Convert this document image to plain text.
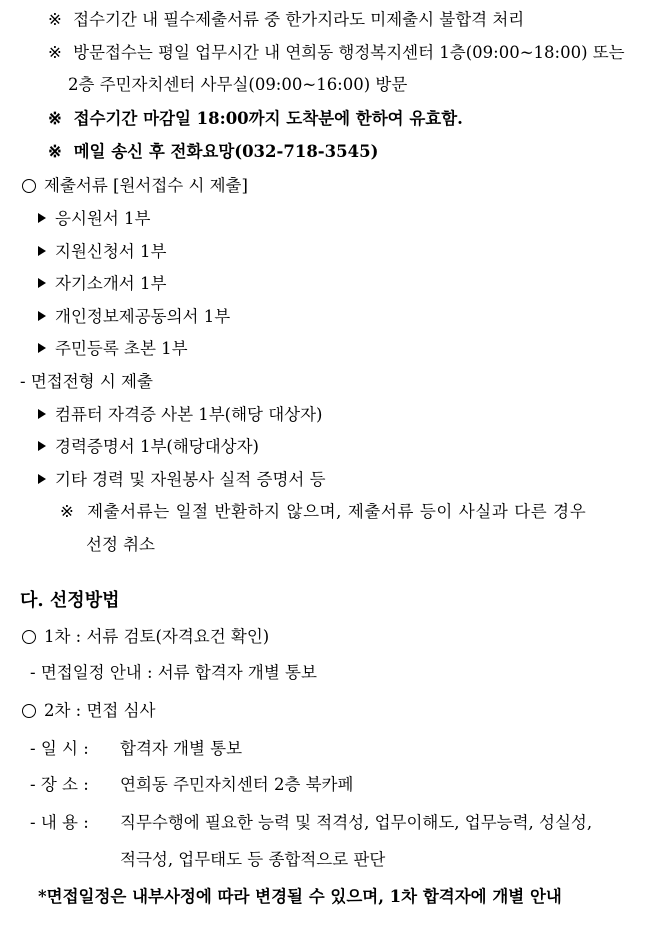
※ 접수기간 내 필수제출서류 중 한가지라도 미제출시 불합격 처리
※ 방문접수는 평일 업무시간 내 연희동 행정복지센터 1층(09:00~18:00) 또는
2층 주민자치센터 사무실(09:00~16:00) 방문
※ 접수기간 마감일 18:00까지 도착분에 한하여 유효함.
※ 메일 송신 후 전화요망(032-718-3545)
제출서류 [원서접수 시 제출]
응시원서 1부
지원신청서 1부
자기소개서 1부
개인정보제공동의서 1부
주민등록 초본 1부
- 면접전형 시 제출
컴퓨터 자격증 사본 1부(해당 대상자)
경력증명서 1부(해당대상자)
기타 경력 및 자원봉사 실적 증명서 등
※ 제출서류는 일절 반환하지 않으며, 제출서류 등이 사실과 다른 경우
선정 취소
다. 선정방법
1차 : 서류 검토(자격요건 확인)
- 면접일정 안내 : 서류 합격자 개별 통보
2차 : 면접 심사
- 일 시 : 합격자 개별 통보
- 장 소 : 연희동 주민자치센터 2층 북카페
- 내 용 : 직무수행에 필요한 능력 및 적격성, 업무이해도, 업무능력, 성실성,
적극성, 업무태도 등 종합적으로 판단
*면접일정은 내부사정에 따라 변경될 수 있으며, 1차 합격자에 개별 안내
